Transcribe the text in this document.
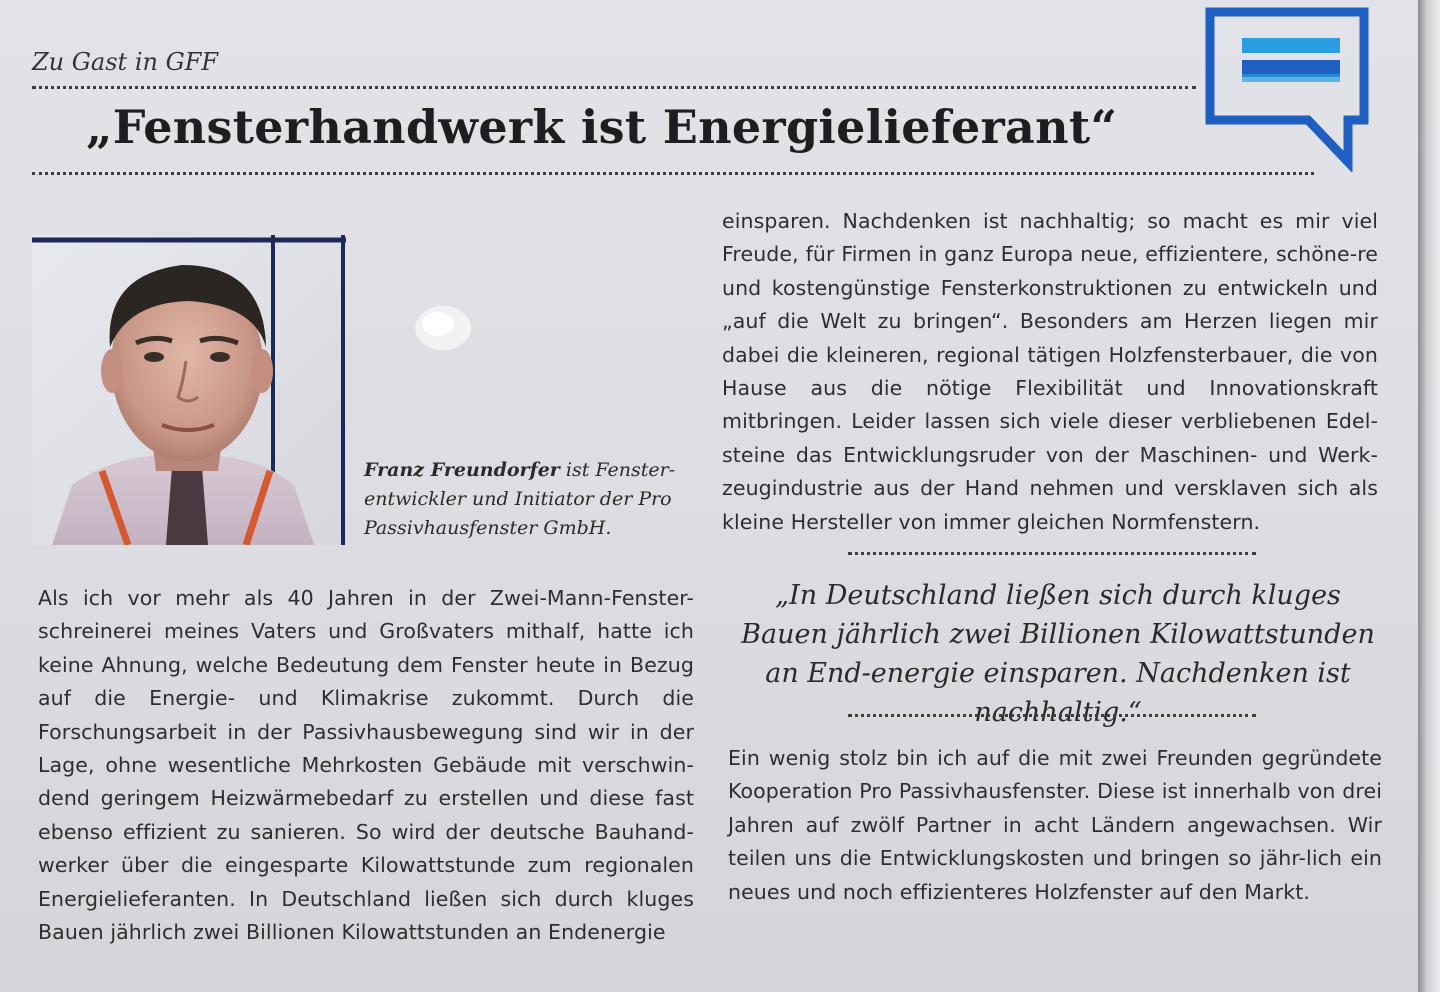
Zu Gast in GFF
„Fensterhandwerk ist Energielieferant“
Franz Freundorfer ist Fenster-entwickler und Initiator der Pro Passivhausfenster GmbH.

Als ich vor mehr als 40 Jahren in der Zwei-Mann-Fenster-schreinerei meines Vaters und Großvaters mithalf, hatte ich keine Ahnung, welche Bedeutung dem Fenster heute in Bezug auf die Energie- und Klimakrise zukommt. Durch die Forschungsarbeit in der Passivhausbewegung sind wir in der Lage, ohne wesentliche Mehrkosten Gebäude mit verschwin-dend geringem Heizwärmebedarf zu erstellen und diese fast ebenso effizient zu sanieren. So wird der deutsche Bauhand-werker über die eingesparte Kilowattstunde zum regionalen Energielieferanten. In Deutschland ließen sich durch kluges Bauen jährlich zwei Billionen Kilowattstunden an Endenergie

einsparen. Nachdenken ist nachhaltig; so macht es mir viel Freude, für Firmen in ganz Europa neue, effizientere, schöne-re und kostengünstige Fensterkonstruktionen zu entwickeln und „auf die Welt zu bringen“. Besonders am Herzen liegen mir dabei die kleineren, regional tätigen Holzfensterbauer, die von Hause aus die nötige Flexibilität und Innovationskraft mitbringen. Leider lassen sich viele dieser verbliebenen Edel-steine das Entwicklungsruder von der Maschinen- und Werk-zeugindustrie aus der Hand nehmen und versklaven sich als kleine Hersteller von immer gleichen Normfenstern.

„In Deutschland ließen sich durch kluges Bauen jährlich zwei Billionen Kilowattstunden an End-energie einsparen. Nachdenken ist nachhaltig.“

Ein wenig stolz bin ich auf die mit zwei Freunden gegründete Kooperation Pro Passivhausfenster. Diese ist innerhalb von drei Jahren auf zwölf Partner in acht Ländern angewachsen. Wir teilen uns die Entwicklungskosten und bringen so jähr-lich ein neues und noch effizienteres Holzfenster auf den Markt.
